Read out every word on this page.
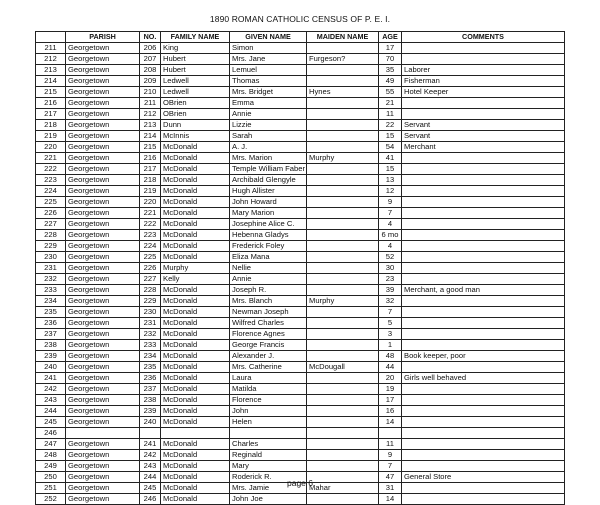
1890 ROMAN CATHOLIC CENSUS OF P. E. I.
	PARISH	NO.	FAMILY NAME	GIVEN NAME	MAIDEN NAME	AGE	COMMENTS
211	Georgetown	206	King	Simon		17	
212	Georgetown	207	Hubert	Mrs. Jane	Furgeson?	70	
213	Georgetown	208	Hubert	Lemuel		35	Laborer
214	Georgetown	209	Ledwell	Thomas		49	Fisherman
215	Georgetown	210	Ledwell	Mrs. Bridget	Hynes	55	Hotel Keeper
216	Georgetown	211	OBrien	Emma		21	
217	Georgetown	212	OBrien	Annie		11	
218	Georgetown	213	Dunn	Lizzie		22	Servant
219	Georgetown	214	McInnis	Sarah		15	Servant
220	Georgetown	215	McDonald	A. J.		54	Merchant
221	Georgetown	216	McDonald	Mrs. Marion	Murphy	41	
222	Georgetown	217	McDonald	Temple William Faber		15	
223	Georgetown	218	McDonald	Archibald Glengyle		13	
224	Georgetown	219	McDonald	Hugh Allister		12	
225	Georgetown	220	McDonald	John Howard		9	
226	Georgetown	221	McDonald	Mary Marion		7	
227	Georgetown	222	McDonald	Josephine Alice C.		4	
228	Georgetown	223	McDonald	Hebenna Gladys		6 mo	
229	Georgetown	224	McDonald	Frederick Foley		4	
230	Georgetown	225	McDonald	Eliza Mana		52	
231	Georgetown	226	Murphy	Nellie		30	
232	Georgetown	227	Kelly	Annie		23	
233	Georgetown	228	McDonald	Joseph R.		39	Merchant, a good man
234	Georgetown	229	McDonald	Mrs. Blanch	Murphy	32	
235	Georgetown	230	McDonald	Newman Joseph		7	
236	Georgetown	231	McDonald	Wilfred Charles		5	
237	Georgetown	232	McDonald	Florence Agnes		3	
238	Georgetown	233	McDonald	George Francis		1	
239	Georgetown	234	McDonald	Alexander J.		48	Book keeper, poor
240	Georgetown	235	McDonald	Mrs. Catherine	McDougall	44	
241	Georgetown	236	McDonald	Laura		20	Girls well behaved
242	Georgetown	237	McDonald	Matilda		19	
243	Georgetown	238	McDonald	Florence		17	
244	Georgetown	239	McDonald	John		16	
245	Georgetown	240	McDonald	Helen		14	
246							
247	Georgetown	241	McDonald	Charles		11	
248	Georgetown	242	McDonald	Reginald		9	
249	Georgetown	243	McDonald	Mary		7	
250	Georgetown	244	McDonald	Roderick R.		47	General Store
251	Georgetown	245	McDonald	Mrs. Jamie	Mahar	31	
252	Georgetown	246	McDonald	John Joe		14	
page 6
